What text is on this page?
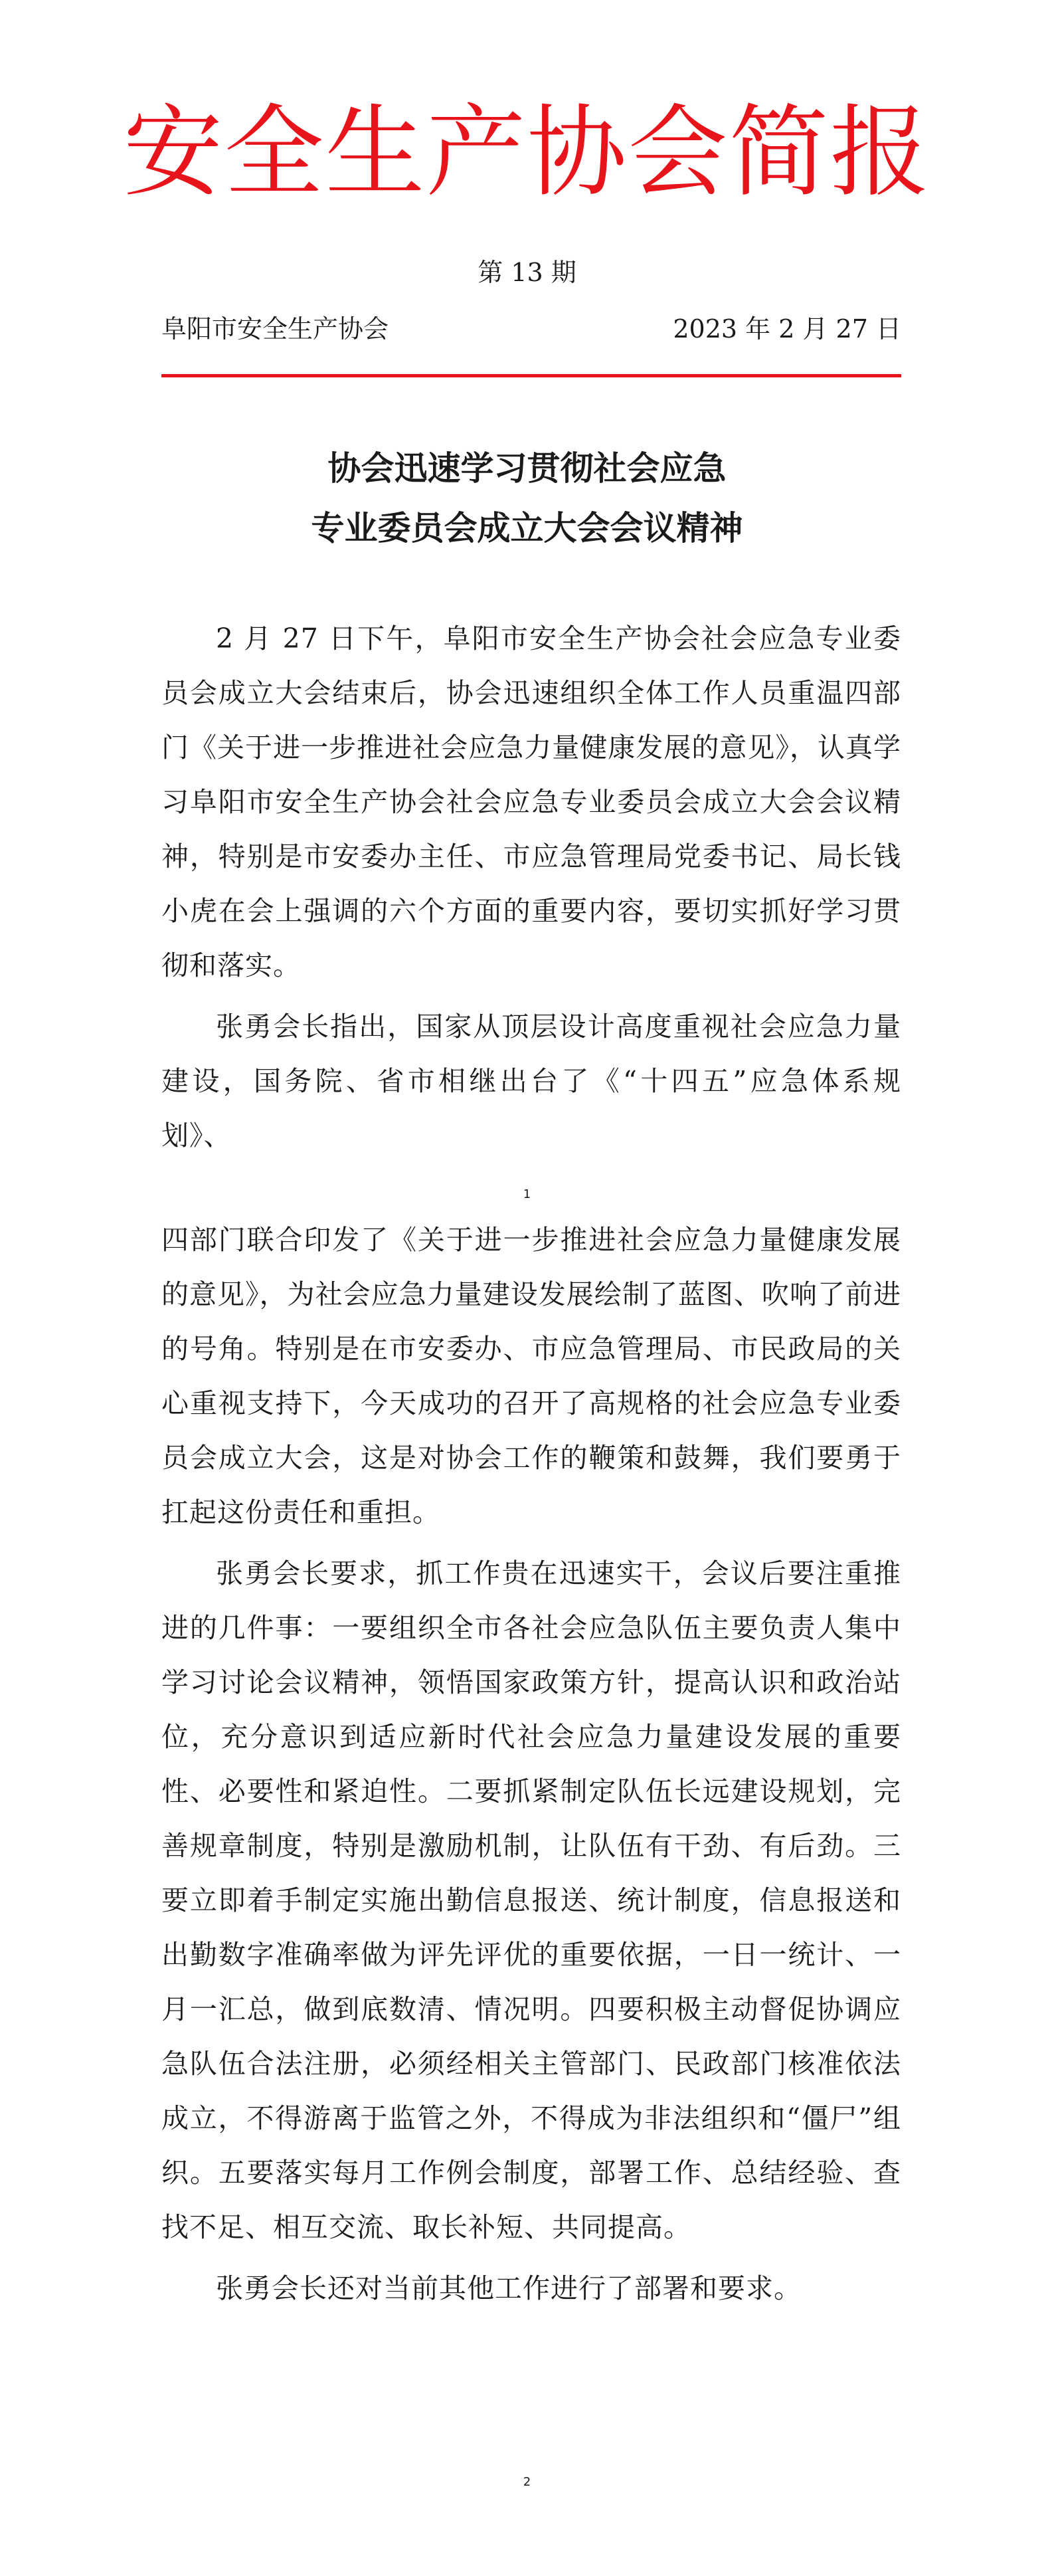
安全生产协会简报
第 13 期
阜阳市安全生产协会	2023 年 2 月 27 日
协会迅速学习贯彻社会应急
专业委员会成立大会会议精神

2 月 27 日下午，阜阳市安全生产协会社会应急专业委员会成立大会结束后，协会迅速组织全体工作人员重温四部门《关于进一步推进社会应急力量健康发展的意见》，认真学习阜阳市安全生产协会社会应急专业委员会成立大会会议精神，特别是市安委办主任、市应急管理局党委书记、局长钱小虎在会上强调的六个方面的重要内容，要切实抓好学习贯彻和落实。

张勇会长指出，国家从顶层设计高度重视社会应急力量建设，国务院、省市相继出台了《“十四五”应急体系规划》、

1

四部门联合印发了《关于进一步推进社会应急力量健康发展的意见》，为社会应急力量建设发展绘制了蓝图、吹响了前进的号角。特别是在市安委办、市应急管理局、市民政局的关心重视支持下，今天成功的召开了高规格的社会应急专业委员会成立大会，这是对协会工作的鞭策和鼓舞，我们要勇于扛起这份责任和重担。

张勇会长要求，抓工作贵在迅速实干，会议后要注重推进的几件事：一要组织全市各社会应急队伍主要负责人集中学习讨论会议精神，领悟国家政策方针，提高认识和政治站位，充分意识到适应新时代社会应急力量建设发展的重要性、必要性和紧迫性。二要抓紧制定队伍长远建设规划，完善规章制度，特别是激励机制，让队伍有干劲、有后劲。三要立即着手制定实施出勤信息报送、统计制度，信息报送和出勤数字准确率做为评先评优的重要依据，一日一统计、一月一汇总，做到底数清、情况明。四要积极主动督促协调应急队伍合法注册，必须经相关主管部门、民政部门核准依法成立，不得游离于监管之外，不得成为非法组织和“僵尸”组织。五要落实每月工作例会制度，部署工作、总结经验、查找不足、相互交流、取长补短、共同提高。

张勇会长还对当前其他工作进行了部署和要求。

2
